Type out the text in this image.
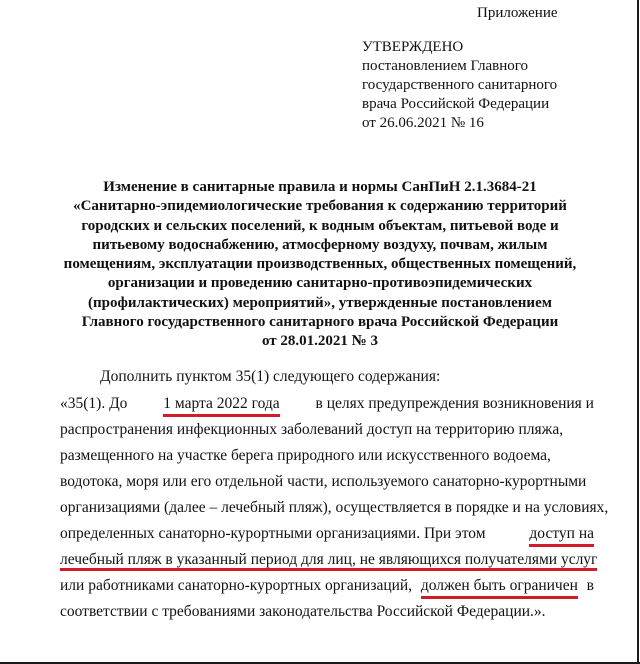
Приложение
УТВЕРЖДЕНО
постановлением Главного
государственного санитарного
врача Российской Федерации
от 26.06.2021 № 16
Изменение в санитарные правила и нормы СанПиН 2.1.3684-21
«Санитарно-эпидемиологические требования к содержанию территорий
городских и сельских поселений, к водным объектам, питьевой воде и
питьевому водоснабжению, атмосферному воздуху, почвам, жилым
помещениям, эксплуатации производственных, общественных помещений,
организации и проведению санитарно-противоэпидемических
(профилактических) мероприятий», утвержденные постановлением
Главного государственного санитарного врача Российской Федерации
от 28.01.2021 № 3
Дополнить пунктом 35(1) следующего содержания:
«35(1). До 1 марта 2022 года в целях предупреждения возникновения и
распространения инфекционных заболеваний доступ на территорию пляжа,
размещенного на участке берега природного или искусственного водоема,
водотока, моря или его отдельной части, используемого санаторно-курортными
организациями (далее – лечебный пляж), осуществляется в порядке и на условиях,
определенных санаторно-курортными организациями. При этом	доступ на
лечебный пляж в указанный период для лиц, не являющихся получателями услуг
или работниками санаторно-курортных организаций, должен быть ограничен в
соответствии с требованиями законодательства Российской Федерации.».
